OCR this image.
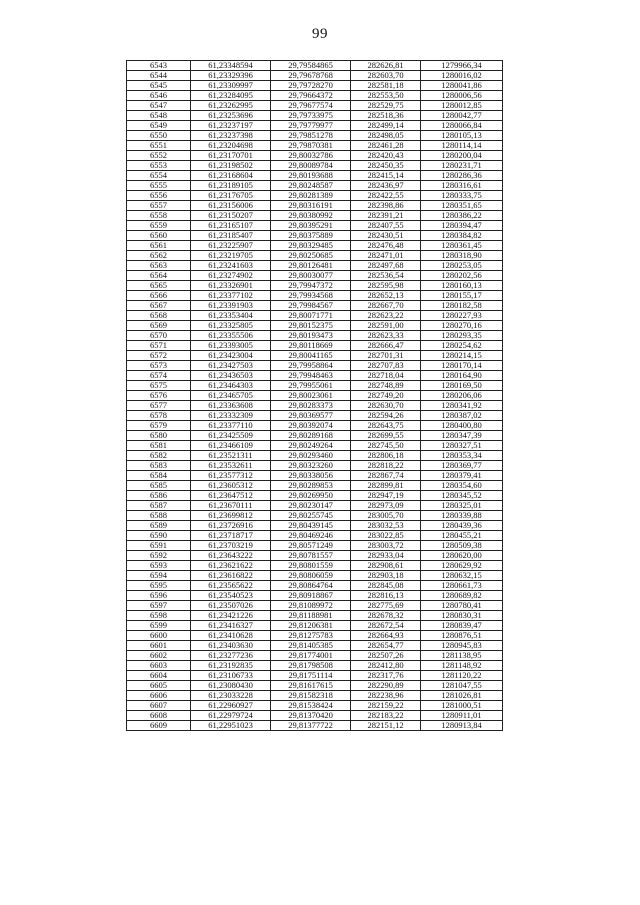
99
6543	61,23348594	29,79584865	282626,81	1279966,34
6544	61,23329396	29,79678768	282603,70	1280016,02
6545	61,23309997	29,79728270	282581,18	1280041,86
6546	61,23284095	29,79664372	282553,50	1280006,56
6547	61,23262995	29,79677574	282529,75	1280012,85
6548	61,23253696	29,79733975	282518,36	1280042,77
6549	61,23237197	29,79779977	282499,14	1280066,84
6550	61,23237398	29,79851278	282498,05	1280105,13
6551	61,23204698	29,79870381	282461,28	1280114,14
6552	61,23170701	29,80032786	282420,43	1280200,04
6553	61,23198502	29,80089784	282450,35	1280231,71
6554	61,23168604	29,80193688	282415,14	1280286,36
6555	61,23189105	29,80248587	282436,97	1280316,61
6556	61,23176705	29,80281389	282422,55	1280333,75
6557	61,23156006	29,80316191	282398,86	1280351,65
6558	61,23150207	29,80380992	282391,21	1280386,22
6559	61,23165107	29,80395291	282407,55	1280394,47
6560	61,23185407	29,80375889	282430,51	1280384,82
6561	61,23225907	29,80329485	282476,48	1280361,45
6562	61,23219705	29,80250685	282471,01	1280318,90
6563	61,23241603	29,80126481	282497,68	1280253,05
6564	61,23274902	29,80030077	282536,54	1280202,56
6565	61,23326901	29,79947372	282595,98	1280160,13
6566	61,23377102	29,79934568	282652,13	1280155,17
6567	61,23391903	29,79984567	282667,70	1280182,58
6568	61,23353404	29,80071771	282623,22	1280227,93
6569	61,23325805	29,80152375	282591,00	1280270,16
6570	61,23355506	29,80193473	282623,33	1280293,35
6571	61,23393005	29,80118669	282666,47	1280254,62
6572	61,23423004	29,80041165	282701,31	1280214,15
6573	61,23427503	29,79958864	282707,83	1280170,14
6574	61,23436503	29,79948463	282718,04	1280164,90
6575	61,23464303	29,79955061	282748,89	1280169,50
6576	61,23465705	29,80023061	282749,20	1280206,06
6577	61,23363608	29,80283373	282630,70	1280341,92
6578	61,23332309	29,80369577	282594,26	1280387,02
6579	61,23377110	29,80392074	282643,75	1280400,80
6580	61,23425509	29,80289168	282699,55	1280347,39
6581	61,23466109	29,80249264	282745,50	1280327,51
6582	61,23521311	29,80293460	282806,18	1280353,34
6583	61,23532611	29,80323260	282818,22	1280369,77
6584	61,23577312	29,80338056	282867,74	1280379,41
6585	61,23605312	29,80289853	282899,81	1280354,60
6586	61,23647512	29,80269950	282947,19	1280345,52
6587	61,23670111	29,80230147	282973,09	1280325,01
6588	61,23699812	29,80255745	283005,70	1280339,88
6589	61,23726916	29,80439145	283032,53	1280439,36
6590	61,23718717	29,80469246	283022,85	1280455,21
6591	61,23703219	29,80571249	283003,72	1280509,38
6592	61,23643222	29,80781557	282933,04	1280620,00
6593	61,23621622	29,80801559	282908,61	1280629,92
6594	61,23616822	29,80806059	282903,18	1280632,15
6595	61,23565622	29,80864764	282845,08	1280661,73
6596	61,23540523	29,80918867	282816,13	1280689,82
6597	61,23507026	29,81089972	282775,69	1280780,41
6598	61,23421226	29,81188981	282678,32	1280830,31
6599	61,23416327	29,81206381	282672,54	1280839,47
6600	61,23410628	29,81275783	282664,93	1280876,51
6601	61,23403630	29,81405385	282654,77	1280945,83
6602	61,23277236	29,81774001	282507,26	1281138,95
6603	61,23192835	29,81798508	282412,80	1281148,92
6604	61,23106733	29,81751114	282317,76	1281120,22
6605	61,23080430	29,81617615	282290,89	1281047,55
6606	61,23033228	29,81582318	282238,96	1281026,81
6607	61,22960927	29,81538424	282159,22	1281000,51
6608	61,22979724	29,81370420	282183,22	1280911,01
6609	61,22951023	29,81377722	282151,12	1280913,84
